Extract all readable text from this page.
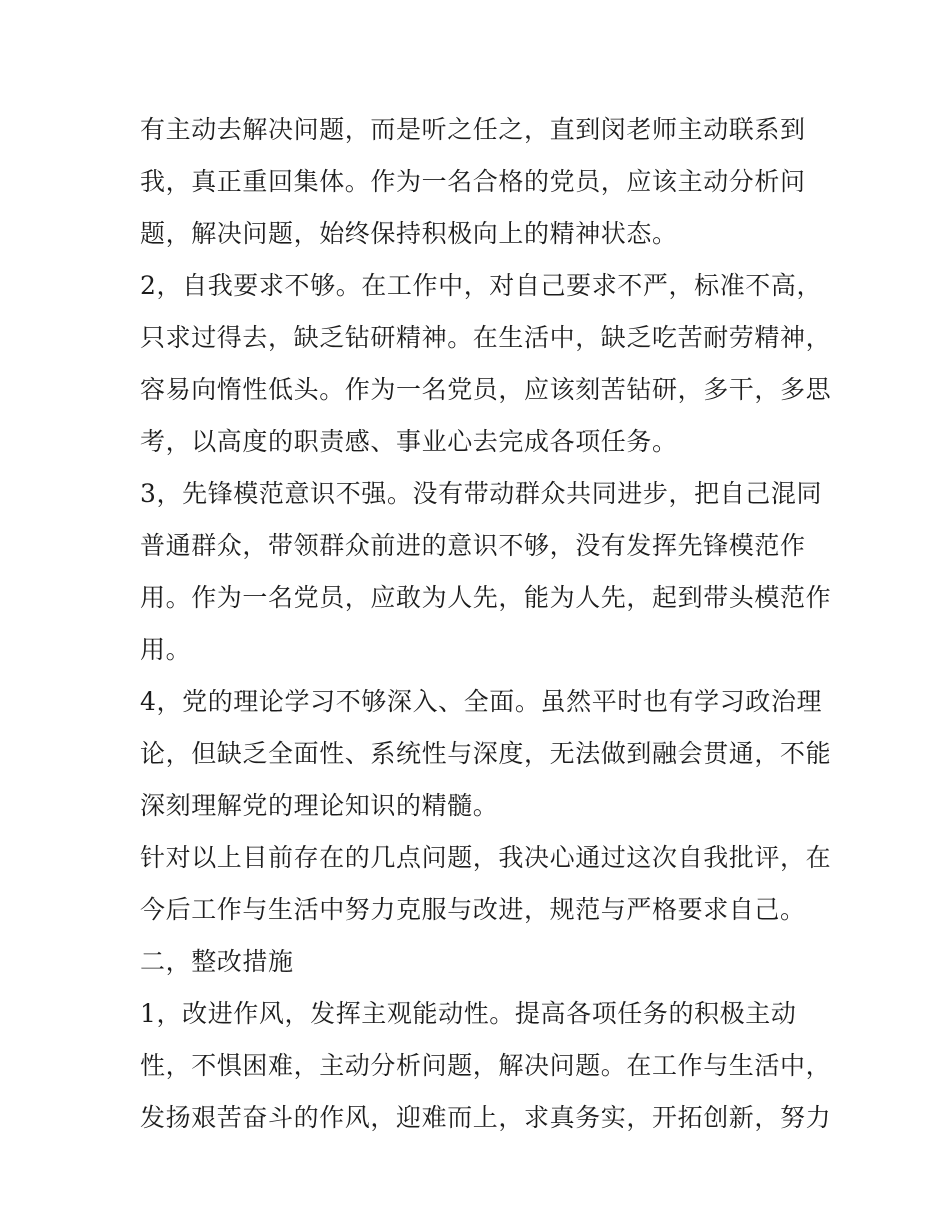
有主动去解决问题，而是听之任之，直到闵老师主动联系到
我，真正重回集体。作为一名合格的党员，应该主动分析问
题，解决问题，始终保持积极向上的精神状态。
2，自我要求不够。在工作中，对自己要求不严，标准不高，
只求过得去，缺乏钻研精神。在生活中，缺乏吃苦耐劳精神，
容易向惰性低头。作为一名党员，应该刻苦钻研，多干，多思
考，以高度的职责感、事业心去完成各项任务。
3，先锋模范意识不强。没有带动群众共同进步，把自己混同
普通群众，带领群众前进的意识不够，没有发挥先锋模范作
用。作为一名党员，应敢为人先，能为人先，起到带头模范作
用。
4，党的理论学习不够深入、全面。虽然平时也有学习政治理
论，但缺乏全面性、系统性与深度，无法做到融会贯通，不能
深刻理解党的理论知识的精髓。
针对以上目前存在的几点问题，我决心通过这次自我批评，在
今后工作与生活中努力克服与改进，规范与严格要求自己。
二，整改措施
1，改进作风，发挥主观能动性。提高各项任务的积极主动
性，不惧困难，主动分析问题，解决问题。在工作与生活中，
发扬艰苦奋斗的作风，迎难而上，求真务实，开拓创新，努力
